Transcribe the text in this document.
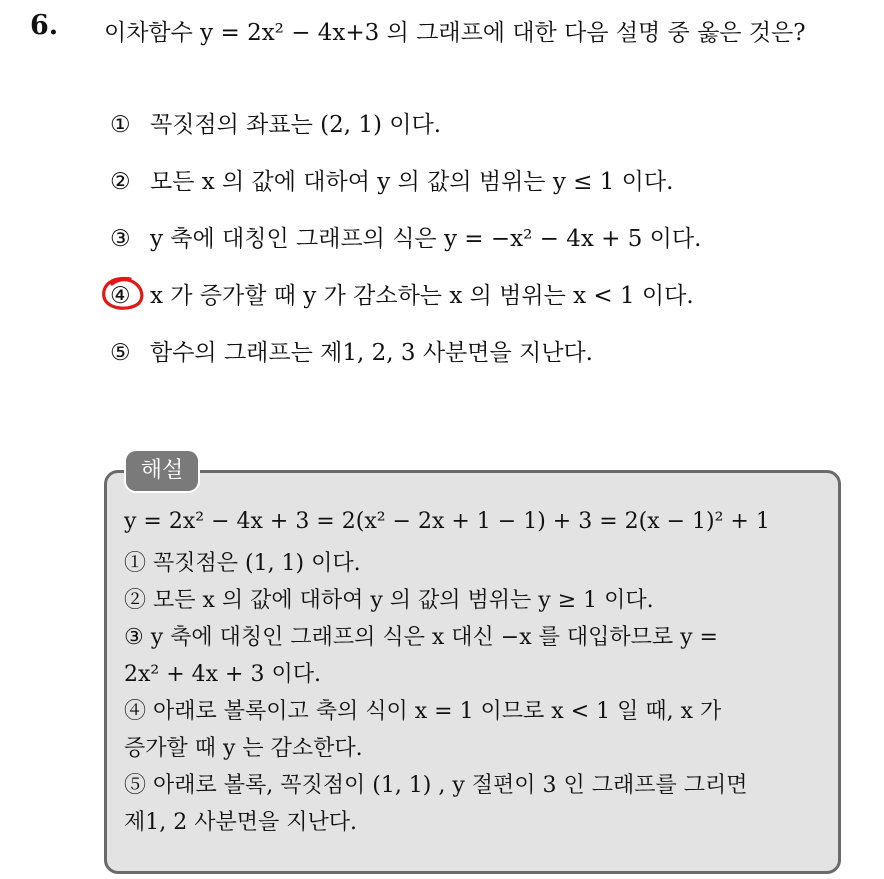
6. 이차함수 y = 2x² − 4x+3 의 그래프에 대한 다음 설명 중 옳은 것은?
① 꼭짓점의 좌표는 (2, 1) 이다.
② 모든 x 의 값에 대하여 y 의 값의 범위는 y ≤ 1 이다.
③ y 축에 대칭인 그래프의 식은 y = −x² − 4x + 5 이다.
④ x 가 증가할 때 y 가 감소하는 x 의 범위는 x < 1 이다.
⑤ 함수의 그래프는 제1, 2, 3 사분면을 지난다.
해설
y = 2x² − 4x + 3 = 2(x² − 2x + 1 − 1) + 3 = 2(x − 1)² + 1
① 꼭짓점은 (1, 1) 이다.
② 모든 x 의 값에 대하여 y 의 값의 범위는 y ≥ 1 이다.
③ y 축에 대칭인 그래프의 식은 x 대신 −x 를 대입하므로 y =
2x² + 4x + 3 이다.
④ 아래로 볼록이고 축의 식이 x = 1 이므로 x < 1 일 때, x 가
증가할 때 y 는 감소한다.
⑤ 아래로 볼록, 꼭짓점이 (1, 1) , y 절편이 3 인 그래프를 그리면
제1, 2 사분면을 지난다.
